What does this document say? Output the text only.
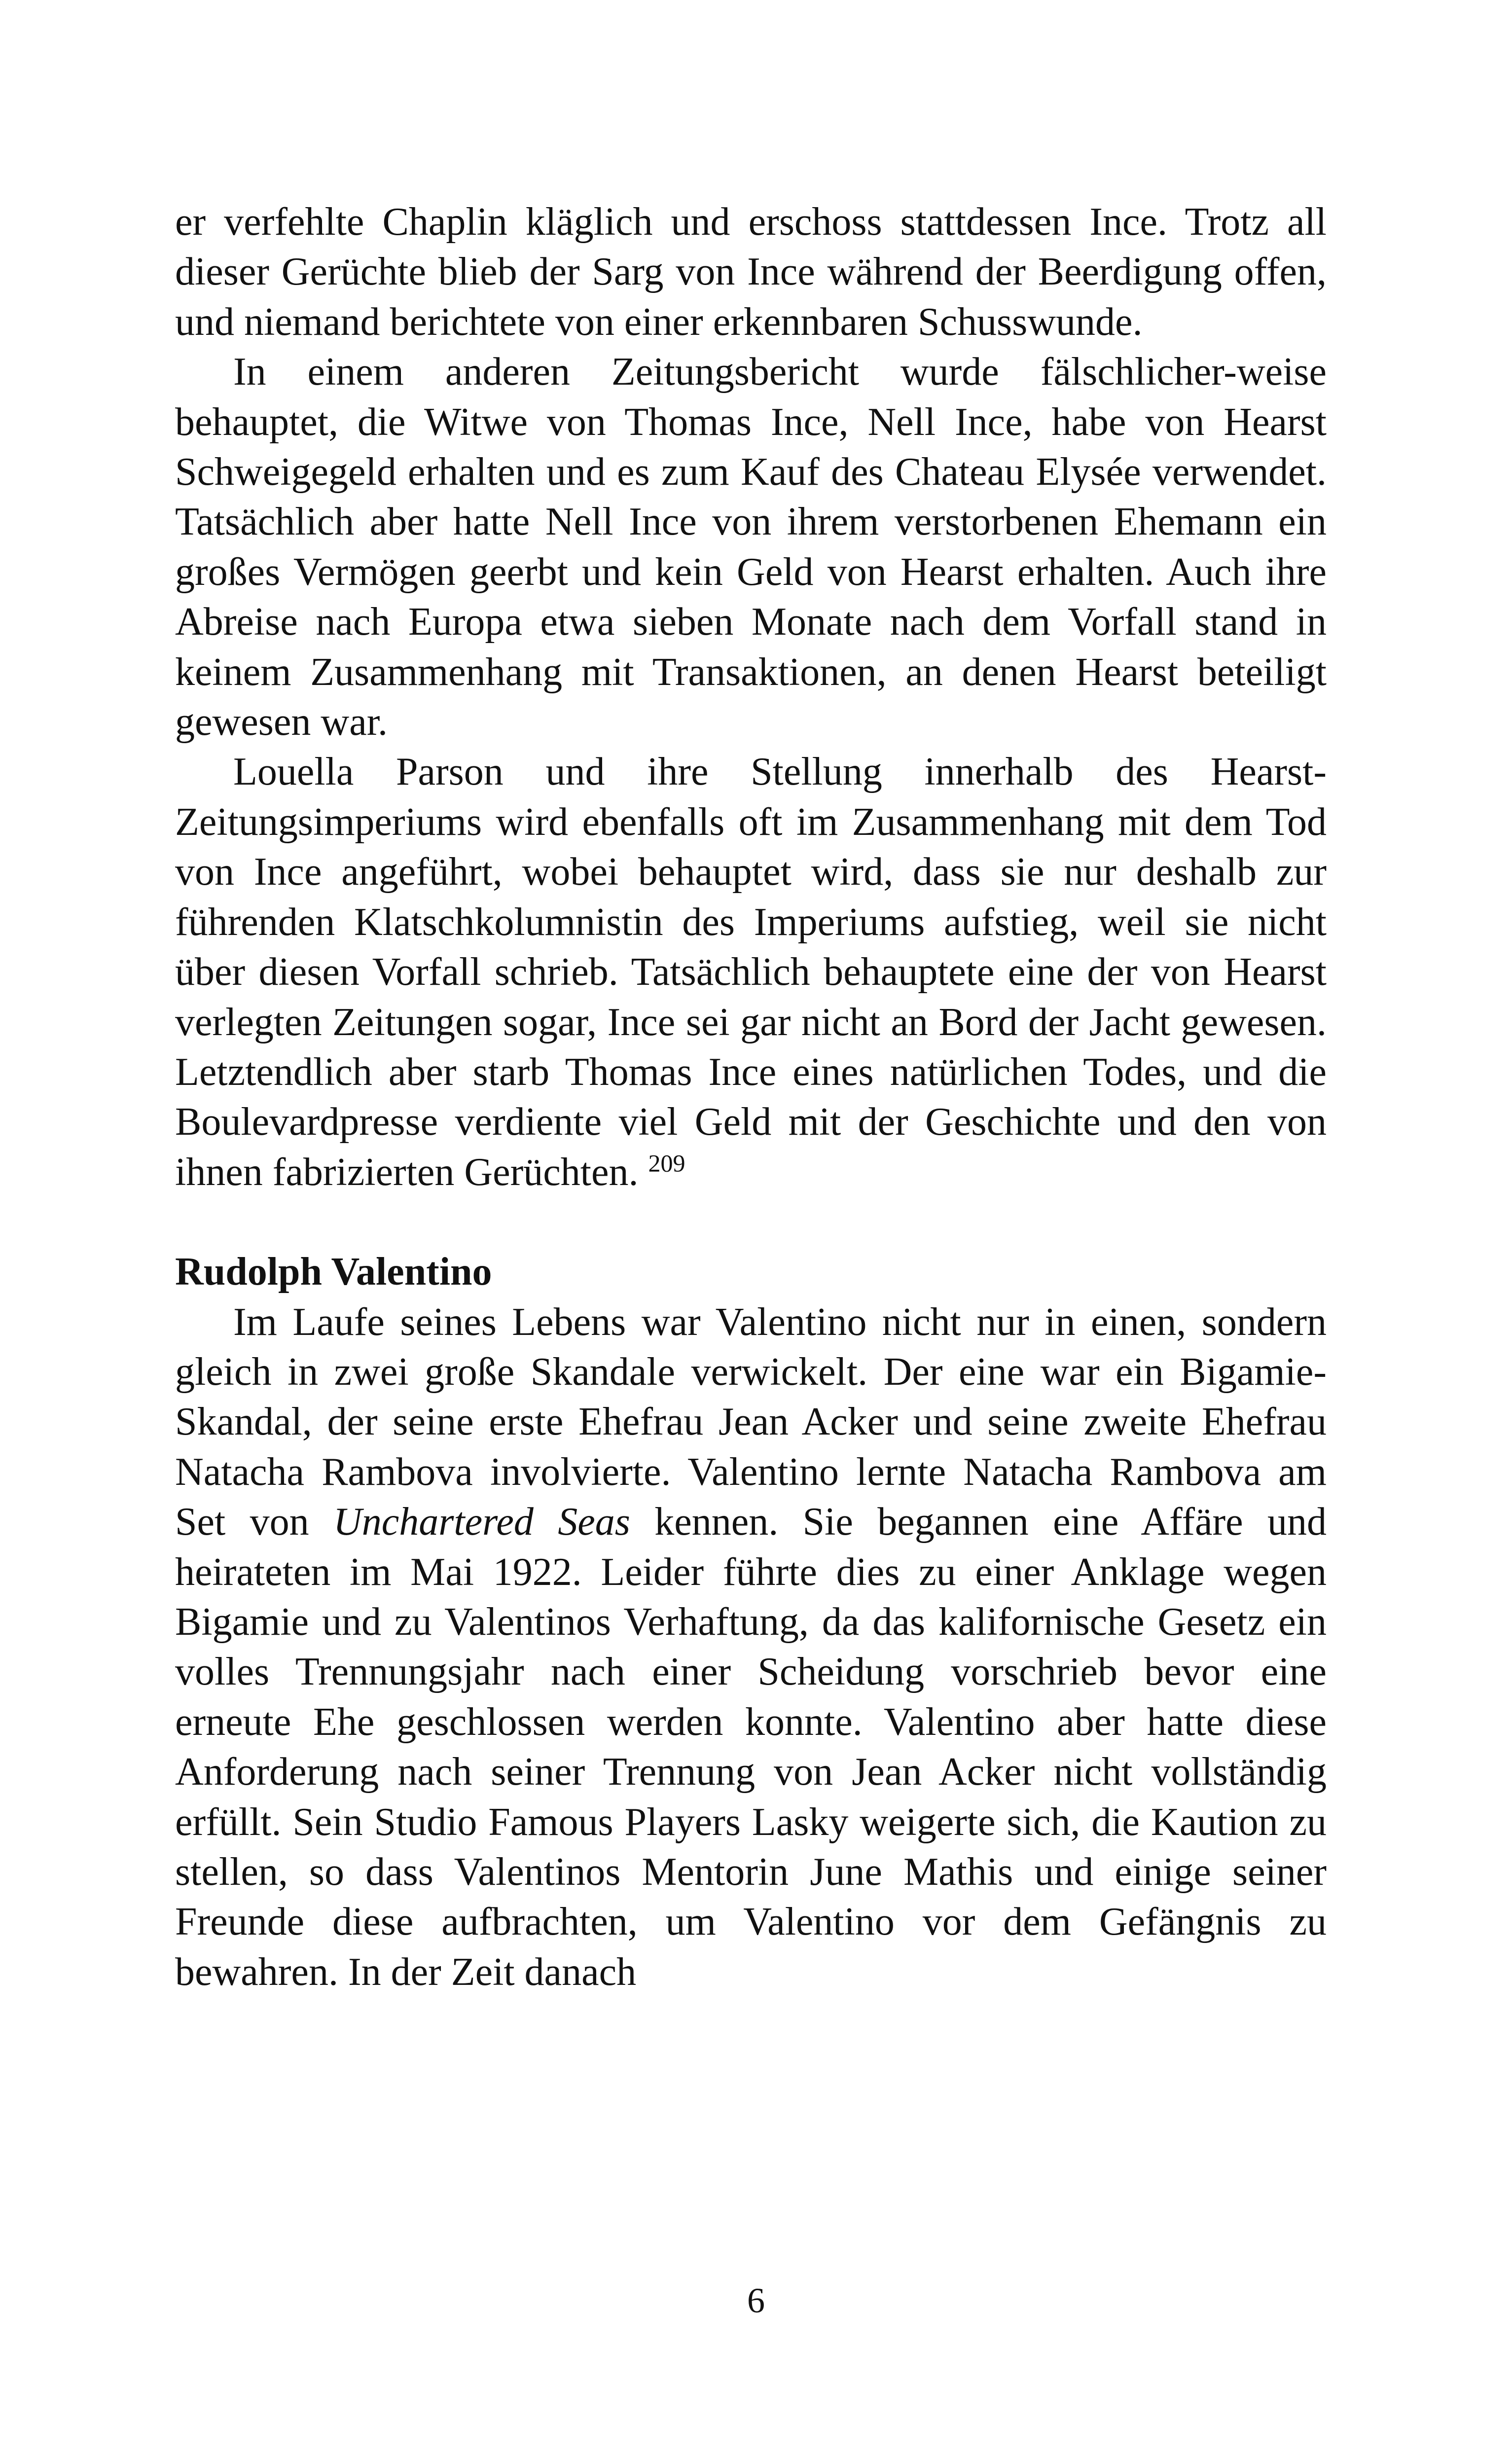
er verfehlte Chaplin kläglich und erschoss stattdessen Ince. Trotz all dieser Gerüchte blieb der Sarg von Ince während der Beerdigung offen, und niemand berichtete von einer erkennbaren Schusswunde.

In einem anderen Zeitungsbericht wurde fälschlicher-weise behauptet, die Witwe von Thomas Ince, Nell Ince, habe von Hearst Schweigegeld erhalten und es zum Kauf des Chateau Elysée verwendet. Tatsächlich aber hatte Nell Ince von ihrem verstorbenen Ehemann ein großes Vermögen geerbt und kein Geld von Hearst erhalten. Auch ihre Abreise nach Europa etwa sieben Monate nach dem Vorfall stand in keinem Zusammenhang mit Transaktionen, an denen Hearst beteiligt gewesen war.

Louella Parson und ihre Stellung innerhalb des Hearst-Zeitungsimperiums wird ebenfalls oft im Zusammenhang mit dem Tod von Ince angeführt, wobei behauptet wird, dass sie nur deshalb zur führenden Klatschkolumnistin des Imperiums aufstieg, weil sie nicht über diesen Vorfall schrieb. Tatsächlich behauptete eine der von Hearst verlegten Zeitungen sogar, Ince sei gar nicht an Bord der Jacht gewesen. Letztendlich aber starb Thomas Ince eines natürlichen Todes, und die Boulevardpresse verdiente viel Geld mit der Geschichte und den von ihnen fabrizierten Gerüchten. $^{209}$

Rudolph Valentino

Im Laufe seines Lebens war Valentino nicht nur in einen, sondern gleich in zwei große Skandale verwickelt. Der eine war ein Bigamie-Skandal, der seine erste Ehefrau Jean Acker und seine zweite Ehefrau Natacha Rambova involvierte. Valentino lernte Natacha Rambova am Set von Unchartered Seas kennen. Sie begannen eine Affäre und heirateten im Mai 1922. Leider führte dies zu einer Anklage wegen Bigamie und zu Valentinos Verhaftung, da das kalifornische Gesetz ein volles Trennungsjahr nach einer Scheidung vorschrieb bevor eine erneute Ehe geschlossen werden konnte. Valentino aber hatte diese Anforderung nach seiner Trennung von Jean Acker nicht vollständig erfüllt. Sein Studio Famous Players Lasky weigerte sich, die Kaution zu stellen, so dass Valentinos Mentorin June Mathis und einige seiner Freunde diese aufbrachten, um Valentino vor dem Gefängnis zu bewahren. In der Zeit danach

6
